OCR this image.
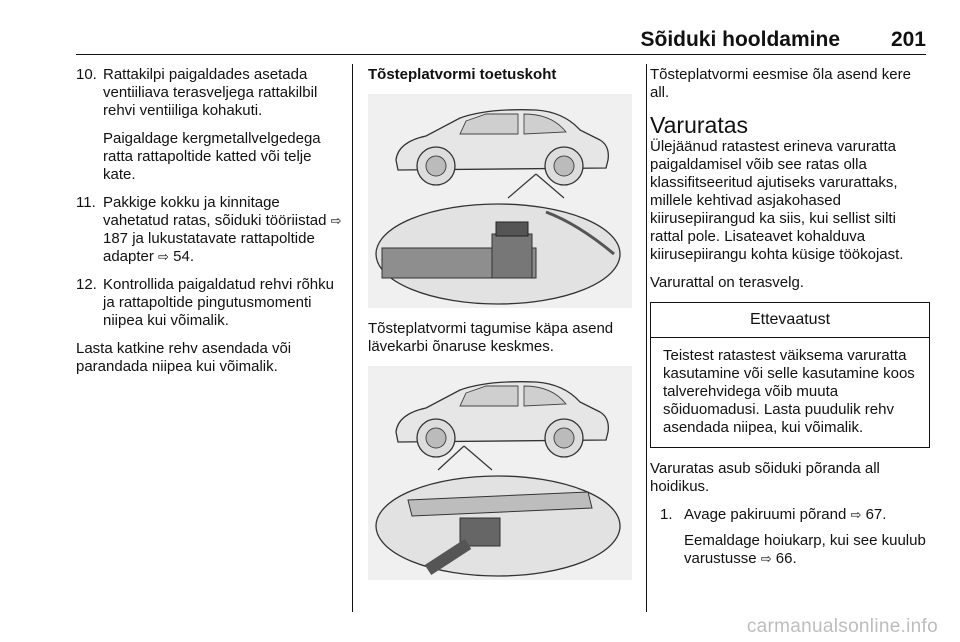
Sõiduki hooldamine 201
10. Rattakilpi paigaldades asetada ventiiliava terasveljega rattakilbil rehvi ventiiliga kohakuti.

Paigaldage kergmetallvelgedega ratta rattapoltide katted või telje kate.

11. Pakkige kokku ja kinnitage vahetatud ratas, sõiduki tööriistad ⇨ 187 ja lukustatavate rattapoltide adapter ⇨ 54.

12. Kontrollida paigaldatud rehvi rõhku ja rattapoltide pingutusmomenti niipea kui võimalik.

Lasta katkine rehv asendada või parandada niipea kui võimalik.

Tõsteplatvormi toetuskoht

Tõsteplatvormi tagumise käpa asend lävekarbi õnaruse keskmes.

Tõsteplatvormi eesmise õla asend kere all.

Varuratas

Ülejäänud ratastest erineva varuratta paigaldamisel võib see ratas olla klassifitseeritud ajutiseks varurattaks, millele kehtivad asjakohased kiirusepiirangud ka siis, kui sellist silti rattal pole. Lisateavet kohalduva kiirusepiirangu kohta küsige töökojast.

Varurattal on terasvelg.

Ettevaatust
Teistest ratastest väiksema varuratta kasutamine või selle kasutamine koos talverehvidega võib muuta sõiduomadusi. Lasta puudulik rehv asendada niipea, kui võimalik.

Varuratas asub sõiduki põranda all hoidikus.

1. Avage pakiruumi põrand ⇨ 67.

Eemaldage hoiukarp, kui see kuulub varustusse ⇨ 66.

carmanualsonline.info
